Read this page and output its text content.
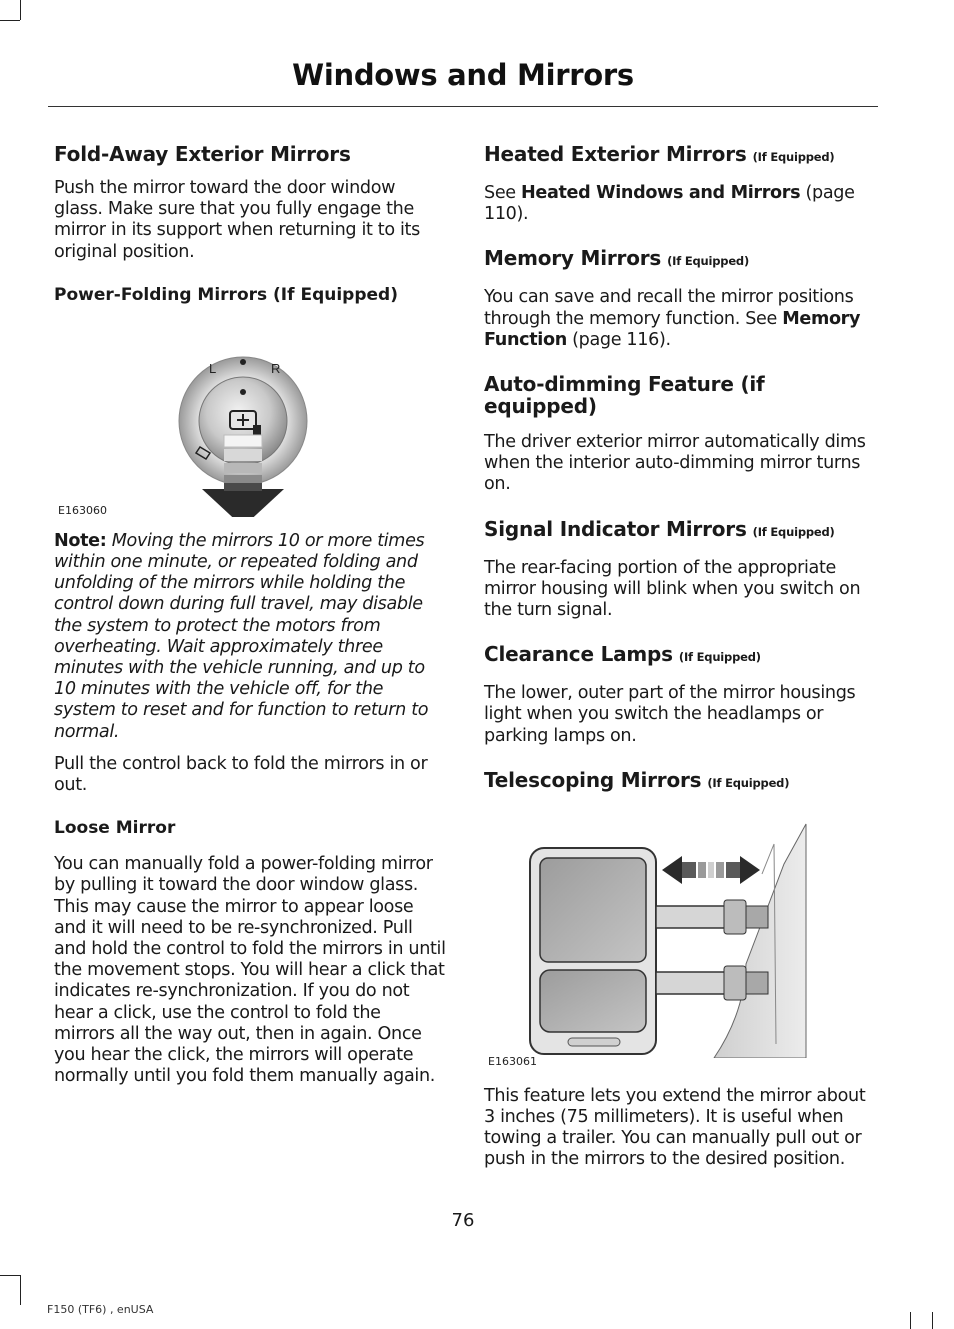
Windows and Mirrors
Fold-Away Exterior Mirrors

Push the mirror toward the door window glass. Make sure that you fully engage the mirror in its support when returning it to its original position.

Power-Folding Mirrors (If Equipped)
L	R
E163060

Note: Moving the mirrors 10 or more times within one minute, or repeated folding and unfolding of the mirrors while holding the control down during full travel, may disable the system to protect the motors from overheating. Wait approximately three minutes with the vehicle running, and up to 10 minutes with the vehicle off, for the system to reset and for function to return to normal.

Pull the control back to fold the mirrors in or out.

Loose Mirror

You can manually fold a power-folding mirror by pulling it toward the door window glass. This may cause the mirror to appear loose and it will need to be re-synchronized. Pull and hold the control to fold the mirrors in until the movement stops. You will hear a click that indicates re-synchronization. If you do not hear a click, use the control to fold the mirrors all the way out, then in again. Once you hear the click, the mirrors will operate normally until you fold them manually again.

Heated Exterior Mirrors (If Equipped)

See Heated Windows and Mirrors (page 110).

Memory Mirrors (If Equipped)

You can save and recall the mirror positions through the memory function. See Memory Function (page 116).

Auto-dimming Feature (if equipped)

The driver exterior mirror automatically dims when the interior auto-dimming mirror turns on.

Signal Indicator Mirrors (If Equipped)

The rear-facing portion of the appropriate mirror housing will blink when you switch on the turn signal.

Clearance Lamps (If Equipped)

The lower, outer part of the mirror housings light when you switch the headlamps or parking lamps on.

Telescoping Mirrors (If Equipped)
E163061

This feature lets you extend the mirror about 3 inches (75 millimeters). It is useful when towing a trailer. You can manually pull out or push in the mirrors to the desired position.

76
F150 (TF6) , enUSA
